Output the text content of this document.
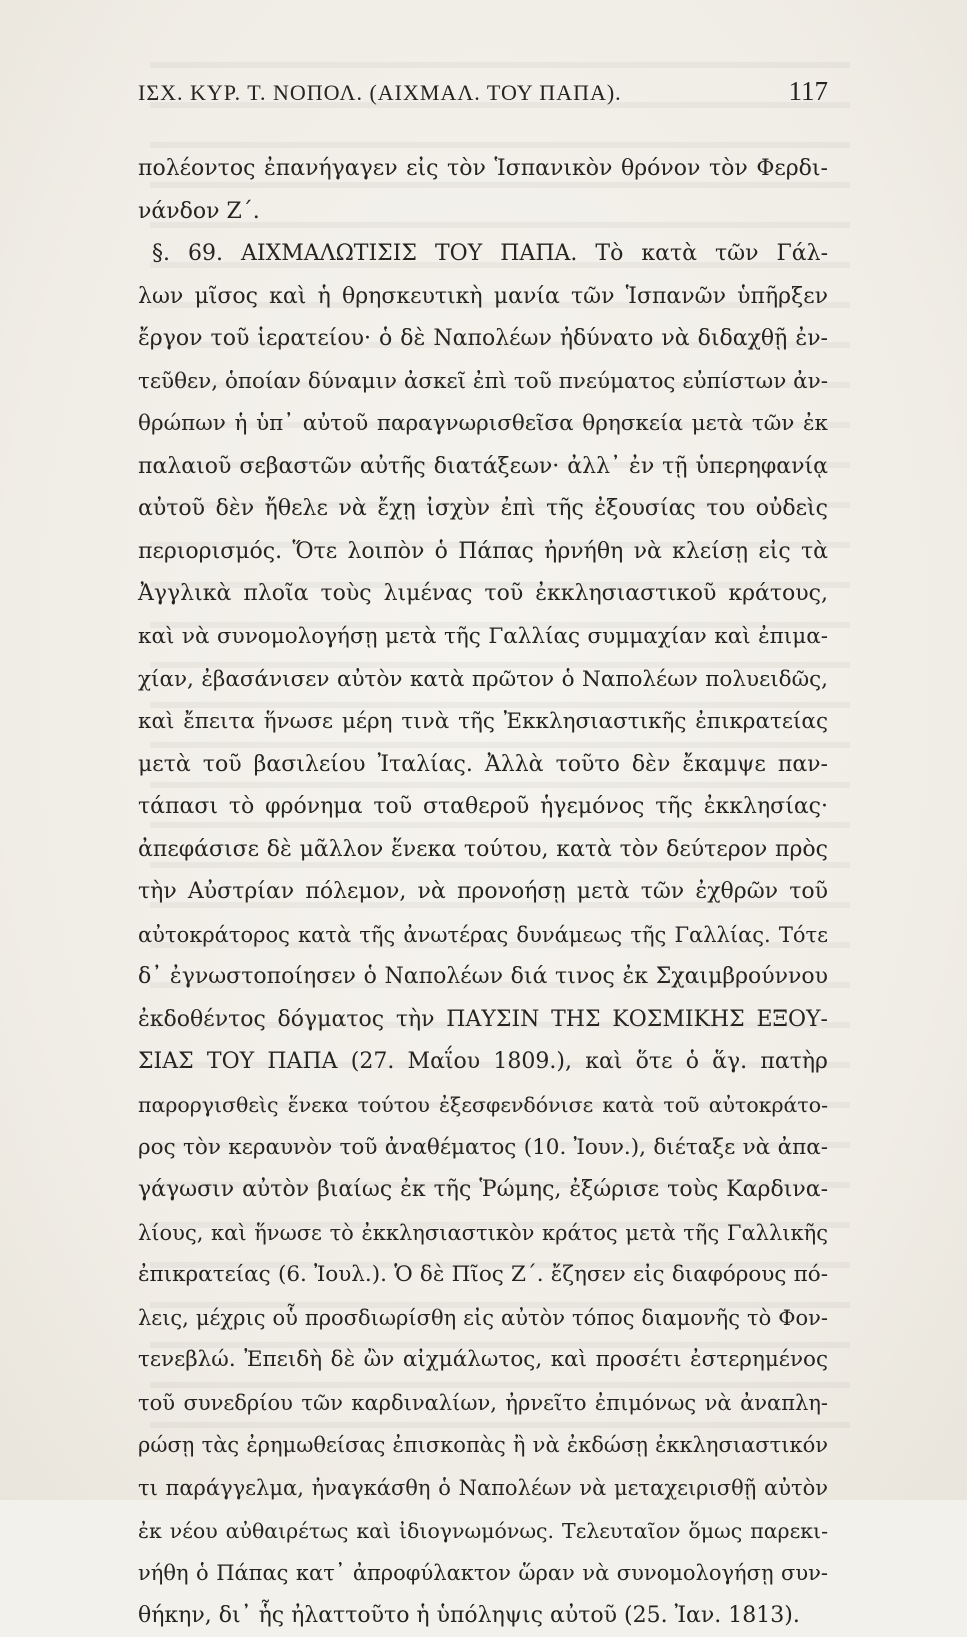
ΙΣΧ. ΚΥΡ. Τ. ΝΟΠΟΛ. (ΑΙΧΜΑΛ. ΤΟΥ ΠΑΠΑ).	117
πολέοντος ἐπανήγαγεν εἰς τὸν Ἱσπανικὸν θρόνον τὸν Φερδι-
νάνδον Ζ΄.
§. 69. ΑΙΧΜΑΛΩΤΙΣΙΣ ΤΟΥ ΠΑΠΑ. Τὸ κατὰ τῶν Γάλ-
λων μῖσος καὶ ἡ θρησκευτικὴ μανία τῶν Ἱσπανῶν ὑπῆρξεν
ἔργον τοῦ ἱερατείου· ὁ δὲ Ναπολέων ἠδύνατο νὰ διδαχθῇ ἐν-
τεῦθεν, ὁποίαν δύναμιν ἀσκεῖ ἐπὶ τοῦ πνεύματος εὐπίστων ἀν-
θρώπων ἡ ὑπ᾽ αὐτοῦ παραγνωρισθεῖσα θρησκεία μετὰ τῶν ἐκ
παλαιοῦ σεβαστῶν αὐτῆς διατάξεων· ἀλλ᾽ ἐν τῇ ὑπερηφανίᾳ
αὐτοῦ δὲν ἤθελε νὰ ἔχῃ ἰσχὺν ἐπὶ τῆς ἐξουσίας του οὐδεὶς
περιορισμός. Ὅτε λοιπὸν ὁ Πάπας ἠρνήθη νὰ κλείσῃ εἰς τὰ
Ἀγγλικὰ πλοῖα τοὺς λιμένας τοῦ ἐκκλησιαστικοῦ κράτους,
καὶ νὰ συνομολογήσῃ μετὰ τῆς Γαλλίας συμμαχίαν καὶ ἐπιμα-
χίαν, ἐβασάνισεν αὐτὸν κατὰ πρῶτον ὁ Ναπολέων πολυειδῶς,
καὶ ἔπειτα ἥνωσε μέρη τινὰ τῆς Ἐκκλησιαστικῆς ἐπικρατείας
μετὰ τοῦ βασιλείου Ἰταλίας. Ἀλλὰ τοῦτο δὲν ἔκαμψε παν-
τάπασι τὸ φρόνημα τοῦ σταθεροῦ ἡγεμόνος τῆς ἐκκλησίας·
ἀπεφάσισε δὲ μᾶλλον ἕνεκα τούτου, κατὰ τὸν δεύτερον πρὸς
τὴν Αὐστρίαν πόλεμον, νὰ προνοήσῃ μετὰ τῶν ἐχθρῶν τοῦ
αὐτοκράτορος κατὰ τῆς ἀνωτέρας δυνάμεως τῆς Γαλλίας. Τότε
δ᾽ ἐγνωστοποίησεν ὁ Ναπολέων διά τινος ἐκ Σχαιμβρούννου
ἐκδοθέντος δόγματος τὴν ΠΑΥΣΙΝ ΤΗΣ ΚΟΣΜΙΚΗΣ ΕΞΟΥ-
ΣΙΑΣ ΤΟΥ ΠΑΠΑ (27. Μαΐου 1809.), καὶ ὅτε ὁ ἅγ. πατὴρ
παροργισθεὶς ἕνεκα τούτου ἐξεσφενδόνισε κατὰ τοῦ αὐτοκράτο-
ρος τὸν κεραυνὸν τοῦ ἀναθέματος (10. Ἰουν.), διέταξε νὰ ἀπα-
γάγωσιν αὐτὸν βιαίως ἐκ τῆς Ῥώμης, ἐξώρισε τοὺς Καρδινα-
λίους, καὶ ἥνωσε τὸ ἐκκλησιαστικὸν κράτος μετὰ τῆς Γαλλικῆς
ἐπικρατείας (6. Ἰουλ.). Ὁ δὲ Πῖος Ζ΄. ἔζησεν εἰς διαφόρους πό-
λεις, μέχρις οὗ προσδιωρίσθη εἰς αὐτὸν τόπος διαμονῆς τὸ Φον-
τενεβλώ. Ἐπειδὴ δὲ ὢν αἰχμάλωτος, καὶ προσέτι ἐστερημένος
τοῦ συνεδρίου τῶν καρδιναλίων, ἠρνεῖτο ἐπιμόνως νὰ ἀναπλη-
ρώσῃ τὰς ἐρημωθείσας ἐπισκοπὰς ἢ νὰ ἐκδώσῃ ἐκκλησιαστικόν
τι παράγγελμα, ἠναγκάσθη ὁ Ναπολέων νὰ μεταχειρισθῇ αὐτὸν
ἐκ νέου αὐθαιρέτως καὶ ἰδιογνωμόνως. Τελευταῖον ὅμως παρεκι-
νήθη ὁ Πάπας κατ᾽ ἀπροφύλακτον ὥραν νὰ συνομολογήσῃ συν-
θήκην, δι᾽ ἧς ἠλαττοῦτο ἡ ὑπόληψις αὐτοῦ (25. Ἰαν. 1813).
